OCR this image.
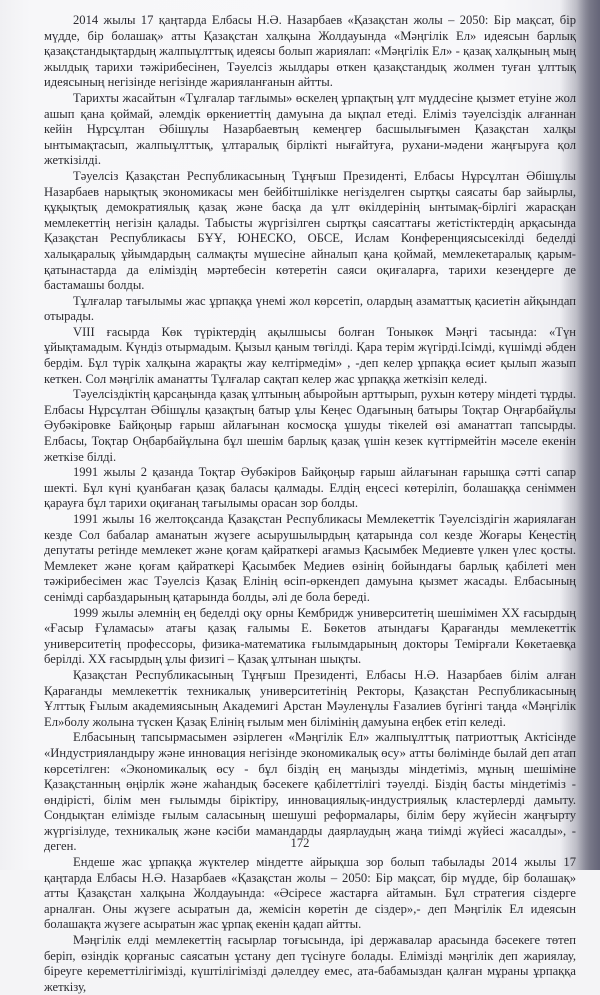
2014 жылы 17 қаңтарда Елбасы Н.Ә. Назарбаев «Қазақстан жолы – 2050: Бір мақсат, бір мүдде, бір болашақ» атты Қазақстан халқына Жолдауында «Мәңгілік Ел» идеясын барлық қазақстандықтардың жалпыұлттық идеясы болып жариялап: «Мәңгілік Ел» - қазақ халқының мың жылдық тарихи тәжірибесінен, Тәуелсіз жылдары өткен қазақстандық жолмен туған ұлттық идеясының негізінде негізінде жарияланғанын айтты.

Тарихты жасайтын «Тұлғалар тағлымы» өскелең ұрпақтың ұлт мүддесіне қызмет етуіне жол ашып қана қоймай, әлемдік өркениеттің дамуына да ықпал етеді. Еліміз тәуелсіздік алғаннан кейін Нұрсұлтан Әбішұлы Назарбаевтың кемеңгер басшылығымен Қазақстан халқы ынтымақтасып, жалпыұлттық, ұлтаралық бірлікті нығайтуға, рухани-мәдени жаңғыруға қол жеткізілді.

Тәуелсіз Қазақстан Республикасының Тұңғыш Президенті, Елбасы Нұрсұлтан Әбішұлы Назарбаев нарықтық экономикасы мен бейбітшілікке негізделген сыртқы саясаты бар зайырлы, құқықтық демократиялық қазақ және басқа да ұлт өкілдерінің ынтымақ-бірлігі жарасқан мемлекеттің негізін қалады. Табысты жүргізілген сыртқы саясаттағы жетістіктердің арқасында Қазақстан Республикасы БҰҰ, ЮНЕСКО, ОБСЕ, Ислам Конференциясысекілді беделді халықаралық ұйымдардың салмақты мүшесіне айналып қана қоймай, мемлекетаралық қарым-қатынастарда да еліміздің мәртебесін көтеретін саяси оқиғаларға, тарихи кезеңдерге де бастамашы болды.

Тұлғалар тағылымы жас ұрпаққа үнемі жол көрсетіп, олардың азаматтық қасиетін айқындап отырады.

VIII ғасырда Көк түріктердің ақылшысы болған Тоныкөк Мәңгі тасында: «Түн ұйықтамадым. Күндіз отырмадым. Қызыл қаным төгілді. Қара терім жүгірді.Ісімді, күшімді әбден бердім. Бұл түрік халқына жарақты жау келтірмедім» , -деп келер ұрпаққа өсиет қылып жазып кеткен. Сол мәңгілік аманатты Тұлғалар сақтап келер жас ұрпаққа жеткізіп келеді.

Тәуелсіздіктің қарсаңында қазақ ұлтының абыройын арттырып, рухын көтеру міндеті тұрды. Елбасы Нұрсұлтан Әбішұлы қазақтың батыр ұлы Кеңес Одағының батыры Тоқтар Оңғарбайұлы Әубәкіровке Байқоңыр ғарыш айлағынан космосқа ұшуды тікелей өзі аманаттап тапсырды. Елбасы, Тоқтар Оңбарбайұлына бұл шешім барлық қазақ үшін кезек күттірмейтін мәселе екенін жеткізе білді.

1991 жылы 2 қазанда Тоқтар Әубәкіров Байқоңыр ғарыш айлағынан ғарышқа сәтті сапар шекті. Бұл күні қуанбаған қазақ баласы қалмады. Елдің еңсесі көтеріліп, болашаққа сеніммен қарауға бұл тарихи оқиғанаң тағылымы орасан зор болды.

1991 жылы 16 желтоқсанда Қазақстан Республикасы Мемлекеттік Тәуелсіздігін жариялаған кезде Сол бабалар аманатын жүзеге асырушылырдың қатарында сол кезде Жоғары Кеңестің депутаты ретінде мемлекет және қоғам қайраткері ағамыз Қасымбек Медиевте үлкен үлес қосты. Мемлекет және қоғам қайраткері Қасымбек Медиев өзінің бойындағы барлық қабілеті мен тәжірибесімен жас Тәуелсіз Қазақ Елінің өсіп-өркендеп дамуына қызмет жасады. Елбасының сенімді сарбаздарының қатарында болды, әлі де бола береді.

1999 жылы әлемнің ең беделді оқу орны Кембридж университетің шешімімен ХХ ғасырдың «Ғасыр Ғұламасы» атағы қазақ ғалымы Е. Бөкетов атындағы Қарағанды мемлекеттік университетің профессоры, физика-математика ғылымдарының докторы Темірғали Көкетаевқа берілді. ХХ ғасырдың ұлы физигі – Қазақ ұлтынан шықты.

Қазақстан Республикасының Тұңғыш Президенті, Елбасы Н.Ә. Назарбаев білім алған Қарағанды мемлекеттік техникалық университетінің Ректоры, Қазақстан Республикасының Ұлттық Ғылым академиясының Академигі Арстан Мәуленұлы Ғазалиев бүгінгі таңда «Мәңгілік Ел»болу жолына түскен Қазақ Елінің ғылым мен білімінің дамуына еңбек етіп келеді.

Елбасының тапсырмасымен әзірлеген «Мәңгілік Ел» жалпыұлттық патриоттық Актісінде «Индустрияландыру және инновация негізінде экономикалық өсу» атты бөлімінде былай деп атап көрсетілген: «Экономикалық өсу - бұл біздің ең маңызды міндетіміз, мұның шешіміне Қазақстанның өңірлік және жаһандық бәсекеге қабілеттілігі тәуелді. Біздің басты міндетіміз - өндірісті, білім мен ғылымды біріктіру, инновациялық-индустриялық кластерлерді дамыту. Сондықтан елімізде ғылым саласының шешуші реформалары, білім беру жүйесін жаңғырту жүргізілуде, техникалық және кәсіби мамандарды даярлаудың жаңа тиімді жүйесі жасалды», - деген.

Ендеше жас ұрпаққа жүктелер міндетте айрықша зор болып табылады 2014 жылы 17 қаңтарда Елбасы Н.Ә. Назарбаев «Қазақстан жолы – 2050: Бір мақсат, бір мүдде, бір болашақ» атты Қазақстан халқына Жолдауында: «Әсіресе жастарға айтамын. Бұл стратегия сіздерге арналған. Оны жүзеге асыратын да, жемісін көретін де сіздер»,- деп Мәңгілік Ел идеясын болашақта жүзеге асыратын жас ұрпақ екенін қадап айтты.

Мәңгілік елді мемлекеттің ғасырлар тоғысында, ірі державалар арасында бәсекеге төтеп беріп, өзіндік қорғаныс саясатын ұстану деп түсінуге болады. Елімізді мәңгілік деп жариялау, біреуге кереметтілігімізді, күштілігімізді дәлелдеу емес, ата-бабамыздан қалған мұраны ұрпаққа жеткізу,

172
